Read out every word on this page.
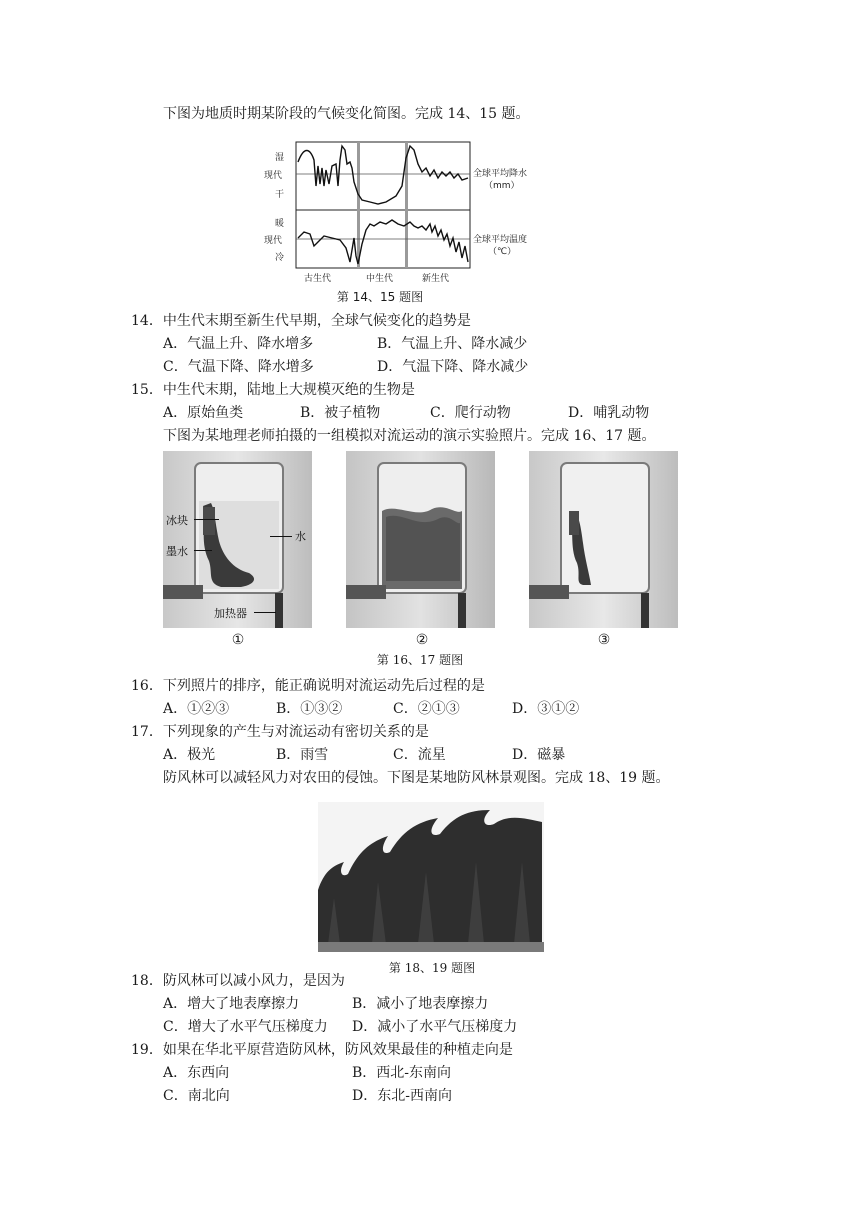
下图为地质时期某阶段的气候变化简图。完成 14、15 题。
湿
现代
干
暖
现代
冷
全球平均降水
（mm）
全球平均温度
（℃）
古生代	中生代	新生代
第 14、15 题图
14．中生代末期至新生代早期，全球气候变化的趋势是
A．气温上升、降水增多	B．气温上升、降水减少
C．气温下降、降水增多	D．气温下降、降水减少
15．中生代末期，陆地上大规模灭绝的生物是
A．原始鱼类	B．被子植物	C．爬行动物	D．哺乳动物
下图为某地理老师拍摄的一组模拟对流运动的演示实验照片。完成 16、17 题。
冰块
墨水
水
加热器
①	②	③
第 16、17 题图
16．下列照片的排序，能正确说明对流运动先后过程的是
A．①②③	B．①③②	C．②①③	D．③①②
17．下列现象的产生与对流运动有密切关系的是
A．极光	B．雨雪	C．流星	D．磁暴
防风林可以减轻风力对农田的侵蚀。下图是某地防风林景观图。完成 18、19 题。
第 18、19 题图
18．防风林可以减小风力，是因为
A．增大了地表摩擦力	B．减小了地表摩擦力
C．增大了水平气压梯度力 D．减小了水平气压梯度力
19．如果在华北平原营造防风林，防风效果最佳的种植走向是
A．东西向	B．西北-东南向
C．南北向	D．东北-西南向
